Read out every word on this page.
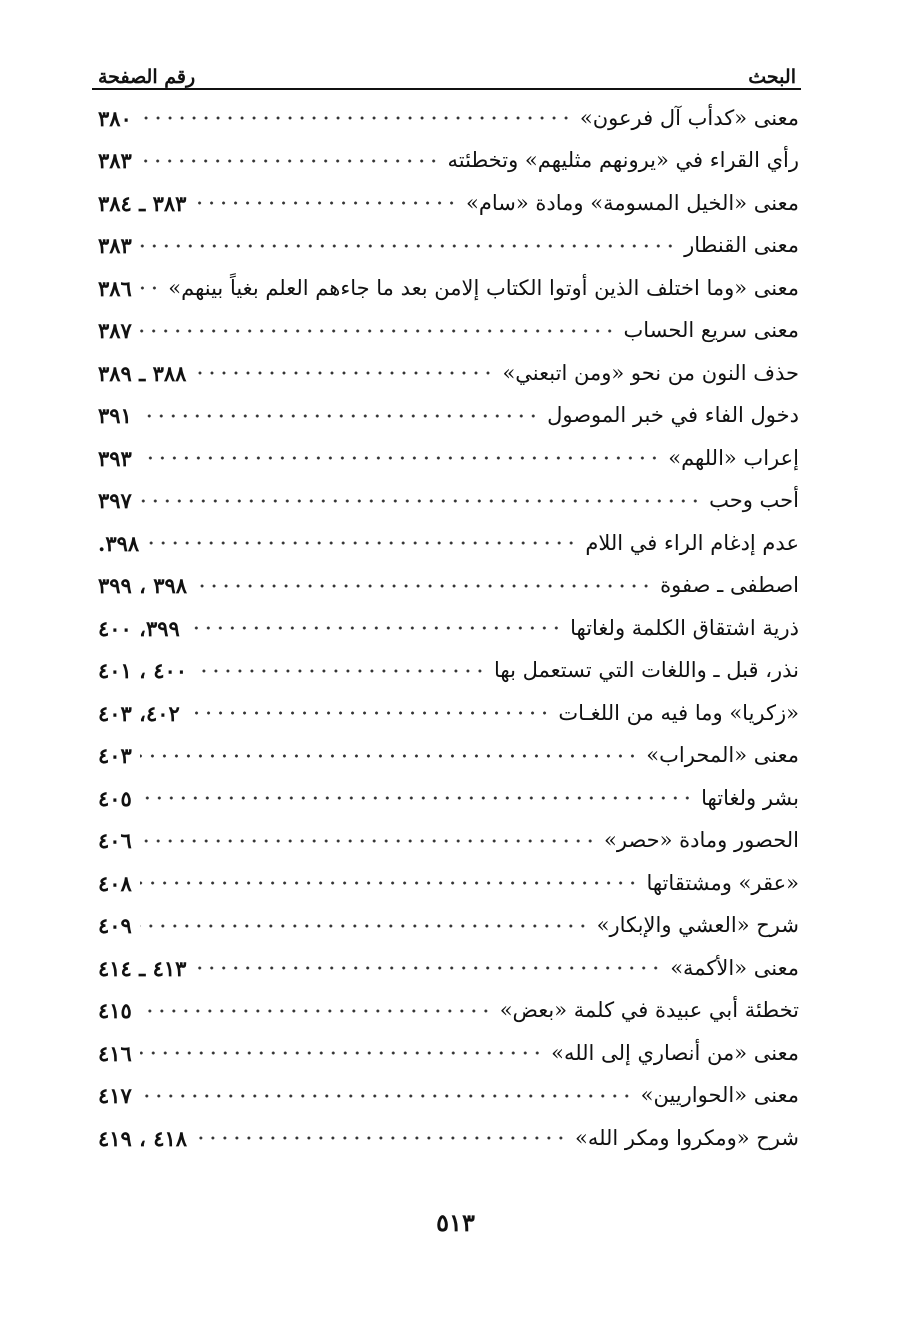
البحث
رقم الصفحة
معنى «كدأب آل فرعون»
٣٨٠
رأي القراء في «يرونهم مثليهم» وتخطئته
٣٨٣
معنى «الخيل المسومة» ومادة «سام»
٣٨٣ ـ ٣٨٤
معنى القنطار
٣٨٣
معنى «وما اختلف الذين أوتوا الكتاب إلامن بعد ما جاءهم العلم بغياً بينهم»
٣٨٦
معنى سريع الحساب
٣٨٧
حذف النون من نحو «ومن اتبعني»
٣٨٨ ـ ٣٨٩
دخول الفاء في خبر الموصول
٣٩١
إعراب «اللهم»
٣٩٣
أحب وحب
٣٩٧
عدم إدغام الراء في اللام
٣٩٨.
اصطفى ـ صفوة
٣٩٨ ، ٣٩٩
ذرية اشتقاق الكلمة ولغاتها
٣٩٩، ٤٠٠
نذر، قبل ـ واللغات التي تستعمل بها
٤٠٠ ، ٤٠١
«زكريا» وما فيه من اللغـات
٤٠٢، ٤٠٣
معنى «المحراب»
٤٠٣
بشر ولغاتها
٤٠٥
الحصور ومادة «حصر»
٤٠٦
«عقر» ومشتقاتها
٤٠٨
شرح «العشي والإبكار»
٤٠٩
معنى «الأكمة»
٤١٣ ـ ٤١٤
تخطئة أبي عبيدة في كلمة «بعض»
٤١٥
معنى «من أنصاري إلى الله»
٤١٦
معنى «الحواريين»
٤١٧
شرح «ومكروا ومكر الله»
٤١٨ ، ٤١٩
٥١٣
